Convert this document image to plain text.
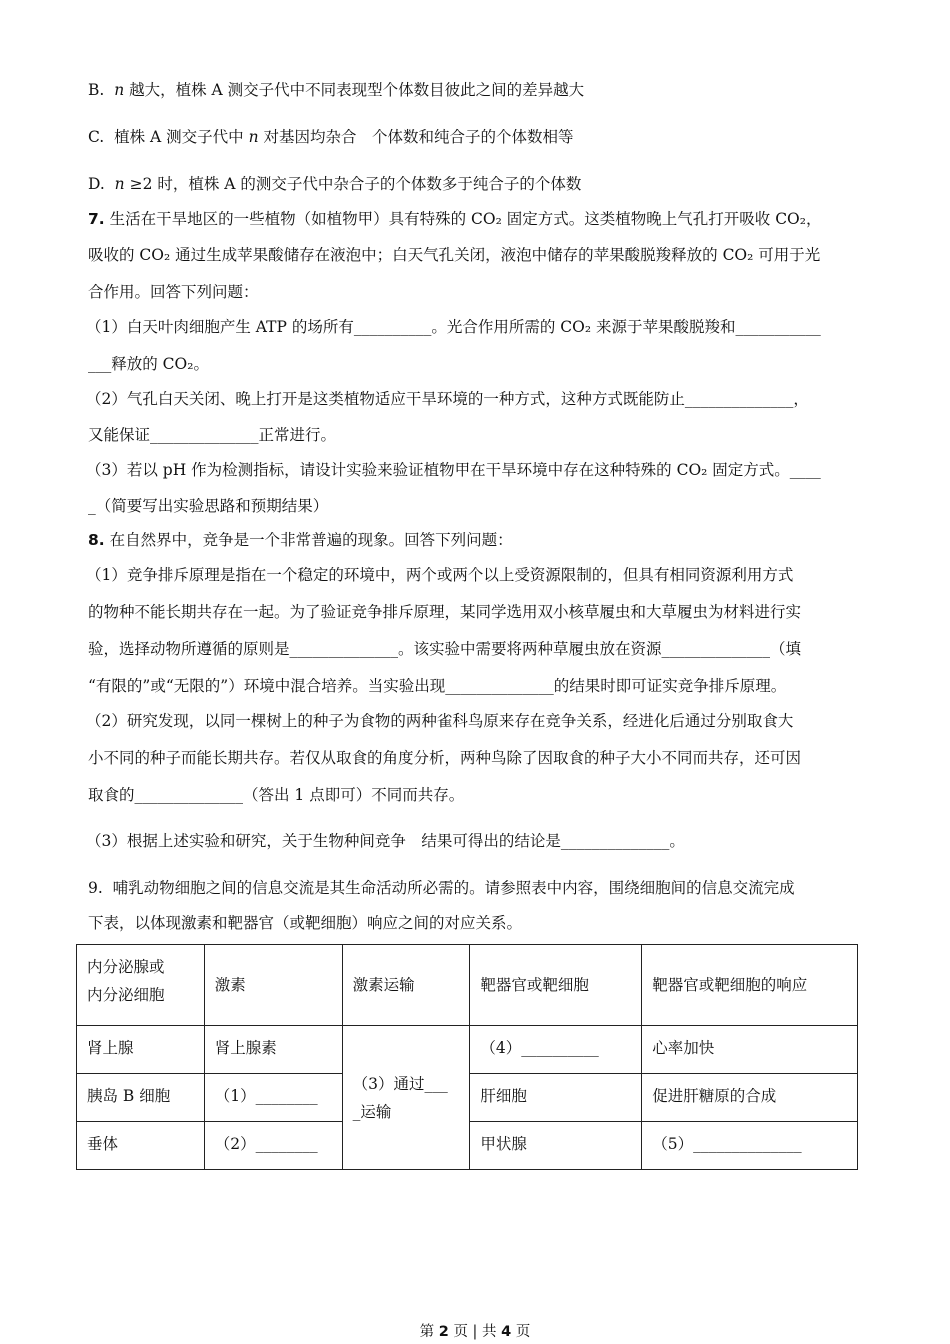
B. n 越大，植株 A 测交子代中不同表现型个体数目彼此之间的差异越大
C. 植株 A 测交子代中 n 对基因均杂合　个体数和纯合子的个体数相等
D. n ≥2 时，植株 A 的测交子代中杂合子的个体数多于纯合子的个体数
7. 生活在干旱地区的一些植物（如植物甲）具有特殊的 CO₂ 固定方式。这类植物晚上气孔打开吸收 CO₂，
吸收的 CO₂ 通过生成苹果酸储存在液泡中；白天气孔关闭，液泡中储存的苹果酸脱羧释放的 CO₂ 可用于光
合作用。回答下列问题：
（1）白天叶肉细胞产生 ATP 的场所有__________。光合作用所需的 CO₂ 来源于苹果酸脱羧和___________
___释放的 CO₂。
（2）气孔白天关闭、晚上打开是这类植物适应干旱环境的一种方式，这种方式既能防止______________，
又能保证______________正常进行。
（3）若以 pH 作为检测指标，请设计实验来验证植物甲在干旱环境中存在这种特殊的 CO₂ 固定方式。____
_（简要写出实验思路和预期结果）
8. 在自然界中，竞争是一个非常普遍的现象。回答下列问题：
（1）竞争排斥原理是指在一个稳定的环境中，两个或两个以上受资源限制的，但具有相同资源利用方式
的物种不能长期共存在一起。为了验证竞争排斥原理，某同学选用双小核草履虫和大草履虫为材料进行实
验，选择动物所遵循的原则是______________。该实验中需要将两种草履虫放在资源______________（填
“有限的”或“无限的”）环境中混合培养。当实验出现______________的结果时即可证实竞争排斥原理。
（2）研究发现，以同一棵树上的种子为食物的两种雀科鸟原来存在竞争关系，经进化后通过分别取食大
小不同的种子而能长期共存。若仅从取食的角度分析，两种鸟除了因取食的种子大小不同而共存，还可因
取食的______________（答出 1 点即可）不同而共存。
（3）根据上述实验和研究，关于生物种间竞争　结果可得出的结论是______________。
9. 哺乳动物细胞之间的信息交流是其生命活动所必需的。请参照表中内容，围绕细胞间的信息交流完成
下表，以体现激素和靶器官（或靶细胞）响应之间的对应关系。
内分泌腺或
内分泌细胞	激素	激素运输	靶器官或靶细胞	靶器官或靶细胞的响应
肾上腺	肾上腺素	（3）通过___
_运输	（4）__________	心率加快
胰岛 B 细胞	（1）________		肝细胞	促进肝糖原的合成
垂体	（2）________		甲状腺	（5）______________
第 2 页 | 共 4 页
